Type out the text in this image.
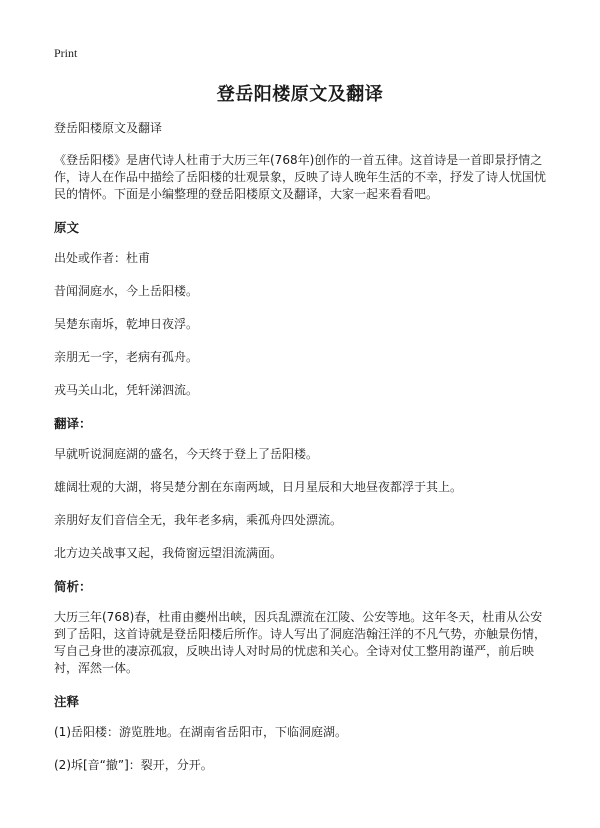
Print
登岳阳楼原文及翻译
登岳阳楼原文及翻译
《登岳阳楼》是唐代诗人杜甫于大历三年(768年)创作的一首五律。这首诗是一首即景抒情之作，诗人在作品中描绘了岳阳楼的壮观景象，反映了诗人晚年生活的不幸，抒发了诗人忧国忧民的情怀。下面是小编整理的登岳阳楼原文及翻译，大家一起来看看吧。
原文
出处或作者：杜甫
昔闻洞庭水，今上岳阳楼。
吴楚东南坼，乾坤日夜浮。
亲朋无一字，老病有孤舟。
戎马关山北，凭轩涕泗流。
翻译：
早就听说洞庭湖的盛名，今天终于登上了岳阳楼。
雄阔壮观的大湖，将吴楚分割在东南两域，日月星辰和大地昼夜都浮于其上。
亲朋好友们音信全无，我年老多病，乘孤舟四处漂流。
北方边关战事又起，我倚窗远望泪流满面。
简析：
大历三年(768)春，杜甫由夔州出峡，因兵乱漂流在江陵、公安等地。这年冬天，杜甫从公安到了岳阳，这首诗就是登岳阳楼后所作。诗人写出了洞庭浩翰汪洋的不凡气势，亦触景伤情，写自己身世的凄凉孤寂，反映出诗人对时局的忧虑和关心。全诗对仗工整用韵谨严，前后映衬，浑然一体。
注释
(1)岳阳楼：游览胜地。在湖南省岳阳市，下临洞庭湖。
(2)坼[音“撤”]：裂开，分开。
